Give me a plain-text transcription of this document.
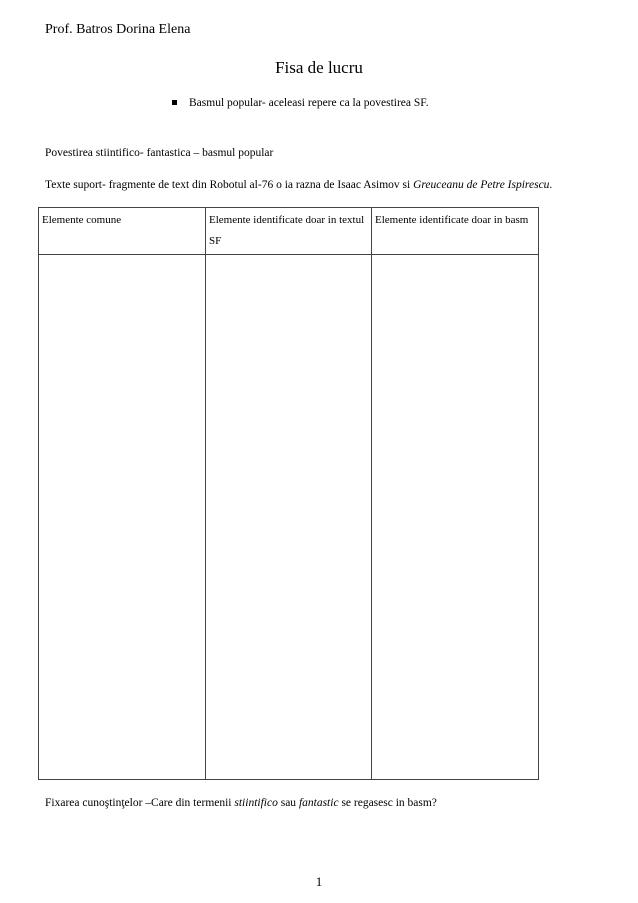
Prof. Batros Dorina Elena
Fisa de lucru
Basmul popular- aceleasi repere ca la povestirea SF.
Povestirea stiintifico- fantastica – basmul popular
Texte suport- fragmente de text din Robotul al-76 o ia razna de Isaac Asimov si Greuceanu de Petre Ispirescu.
Elemente comune	Elemente identificate doar in textul SF	Elemente identificate doar in basm

Fixarea cunoştinţelor –Care din termenii stiintifico sau fantastic se regasesc in basm?
1
